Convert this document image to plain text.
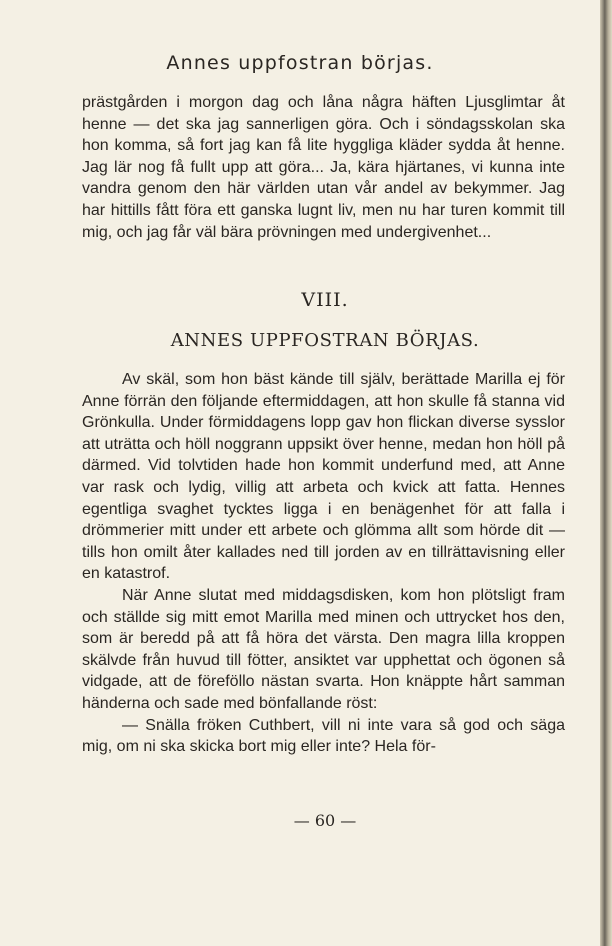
Annes uppfostran börjas.

prästgården i morgon dag och låna några häften Ljusglimtar åt henne — det ska jag sannerligen göra. Och i söndagsskolan ska hon komma, så fort jag kan få lite hyggliga kläder sydda åt henne. Jag lär nog få fullt upp att göra... Ja, kära hjärtanes, vi kunna inte vandra genom den här världen utan vår andel av bekymmer. Jag har hittills fått föra ett ganska lugnt liv, men nu har turen kommit till mig, och jag får väl bära prövningen med undergivenhet...

VIII.
ANNES UPPFOSTRAN BÖRJAS.

Av skäl, som hon bäst kände till själv, berättade Marilla ej för Anne förrän den följande eftermiddagen, att hon skulle få stanna vid Grönkulla. Under förmiddagens lopp gav hon flickan diverse sysslor att uträtta och höll noggrann uppsikt över henne, medan hon höll på därmed. Vid tolvtiden hade hon kommit underfund med, att Anne var rask och lydig, villig att arbeta och kvick att fatta. Hennes egentliga svaghet tycktes ligga i en benägenhet för att falla i drömmerier mitt under ett arbete och glömma allt som hörde dit — tills hon omilt åter kallades ned till jorden av en tillrättavisning eller en katastrof.

När Anne slutat med middagsdisken, kom hon plötsligt fram och ställde sig mitt emot Marilla med minen och uttrycket hos den, som är beredd på att få höra det värsta. Den magra lilla kroppen skälvde från huvud till fötter, ansiktet var upphettat och ögonen så vidgade, att de föreföllo nästan svarta. Hon knäppte hårt samman händerna och sade med bönfallande röst:

— Snälla fröken Cuthbert, vill ni inte vara så god och säga mig, om ni ska skicka bort mig eller inte? Hela för-

— 60 —
